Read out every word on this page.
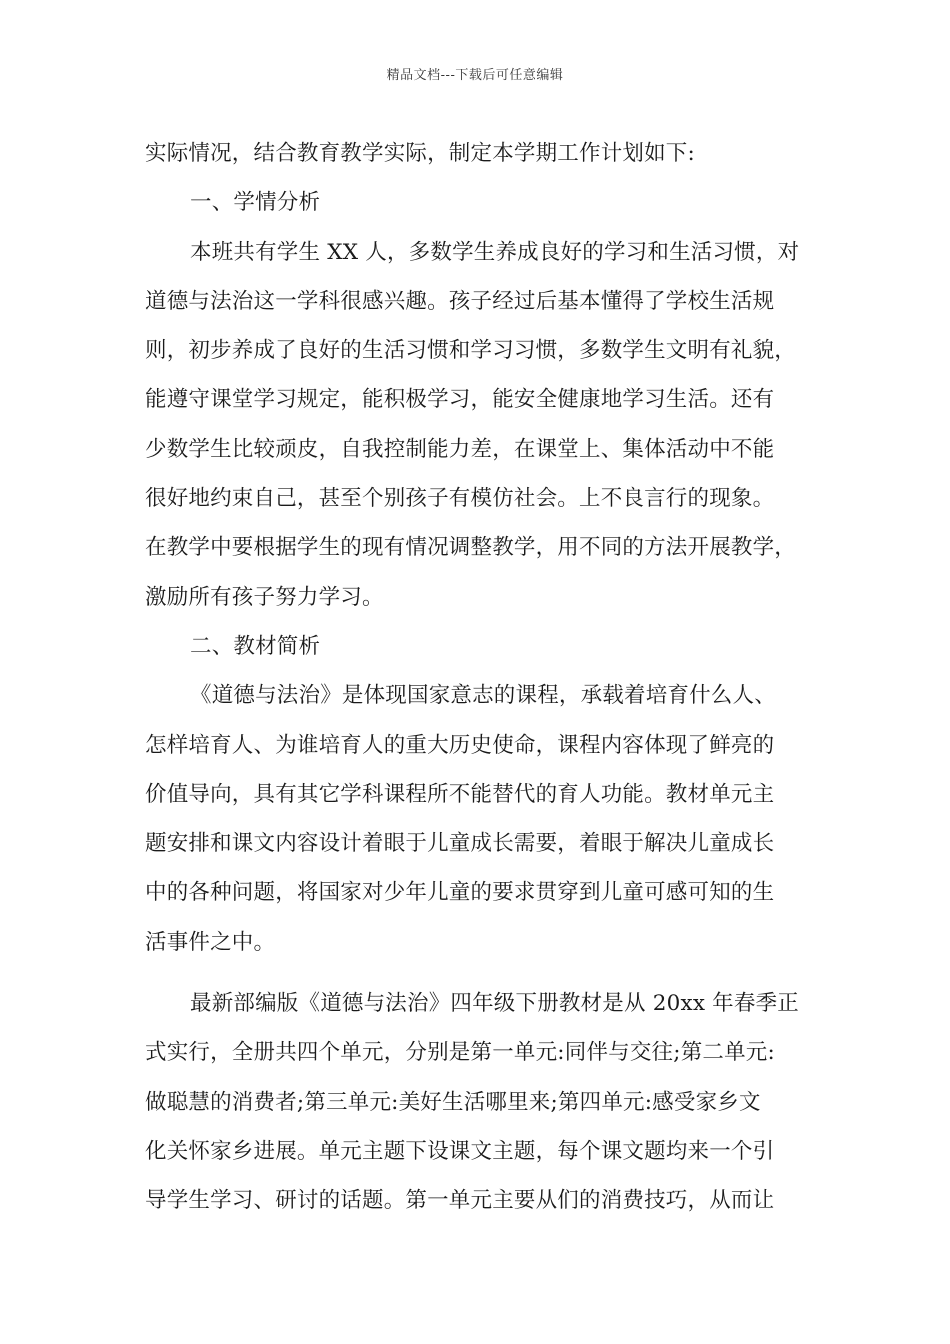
精品文档---下载后可任意编辑
实际情况，结合教育教学实际，制定本学期工作计划如下:
一、学情分析
本班共有学生 XX 人，多数学生养成良好的学习和生活习惯，对
道德与法治这一学科很感兴趣。孩子经过后基本懂得了学校生活规
则，初步养成了良好的生活习惯和学习习惯，多数学生文明有礼貌，
能遵守课堂学习规定，能积极学习，能安全健康地学习生活。还有
少数学生比较顽皮，自我控制能力差，在课堂上、集体活动中不能
很好地约束自己，甚至个别孩子有模仿社会。上不良言行的现象。
在教学中要根据学生的现有情况调整教学，用不同的方法开展教学，
激励所有孩子努力学习。
二、教材简析
《道德与法治》是体现国家意志的课程，承载着培育什么人、
怎样培育人、为谁培育人的重大历史使命，课程内容体现了鲜亮的
价值导向，具有其它学科课程所不能替代的育人功能。教材单元主
题安排和课文内容设计着眼于儿童成长需要，着眼于解决儿童成长
中的各种问题，将国家对少年儿童的要求贯穿到儿童可感可知的生
活事件之中。
最新部编版《道德与法治》四年级下册教材是从 20xx 年春季正
式实行，全册共四个单元，分别是第一单元:同伴与交往;第二单元:
做聪慧的消费者;第三单元:美好生活哪里来;第四单元:感受家乡文
化关怀家乡进展。单元主题下设课文主题，每个课文题均来一个引
导学生学习、研讨的话题。第一单元主要从们的消费技巧，从而让
